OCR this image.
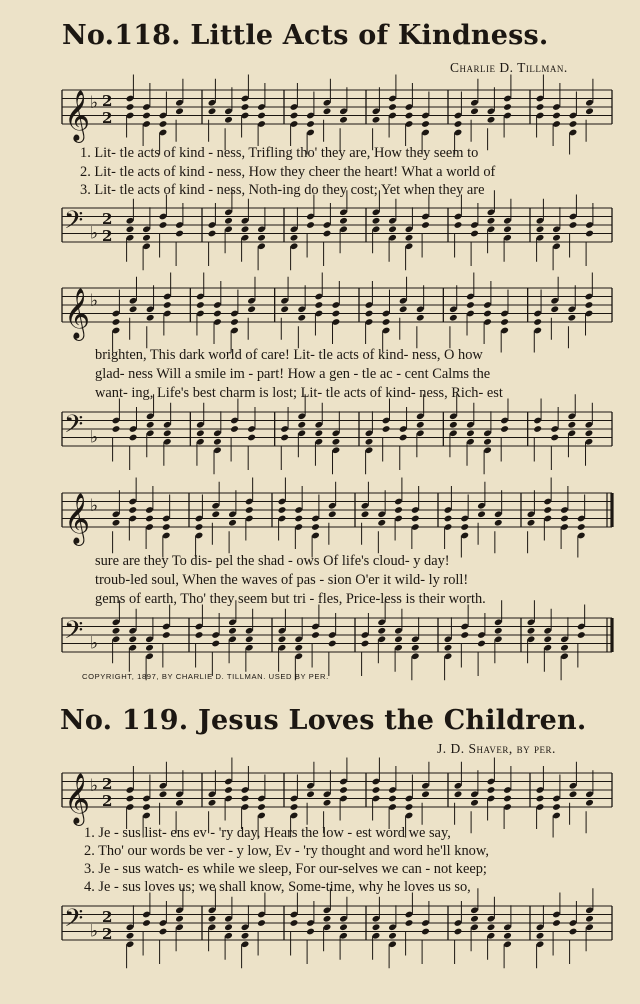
No.118. Little Acts of Kindness.
Charlie D. Tillman.
𝄞 ♭ 2
2
1. Lit- tle acts of kind - ness, Trifling tho' they are, How they seem to
2. Lit- tle acts of kind - ness, How they cheer the heart! What a world of
3. Lit- tle acts of kind - ness, Noth-ing do they cost; Yet when they are
𝄢 ♭
2
2
𝄞 ♭
brighten, This dark world of care! Lit- tle acts of kind- ness, O how
glad- ness Will a smile im - part! How a gen - tle ac - cent Calms the
want- ing, Life's best charm is lost; Lit- tle acts of kind- ness, Rich- est
𝄢 ♭
𝄞 ♭
sure are they To dis- pel the shad - ows Of life's cloud- y day!
troub-led soul, When the waves of pas - sion O'er it wild- ly roll!
gems of earth, Tho' they seem but tri - fles, Price-less is their worth.
𝄢 ♭
COPYRIGHT, 1897, BY CHARLIE D. TILLMAN. USED BY PER.
No. 119. Jesus Loves the Children.
J. D. Shaver, by per.
𝄞 ♭ 2
2
1. Je - sus list- ens ev - 'ry day, Hears the low - est word we say,
2. Tho' our words be ver - y low, Ev - 'ry thought and word he'll know,
3. Je - sus watch- es while we sleep, For our-selves we can - not keep;
4. Je - sus loves us; we shall know, Some-time, why he loves us so,
𝄢 ♭
2
2
